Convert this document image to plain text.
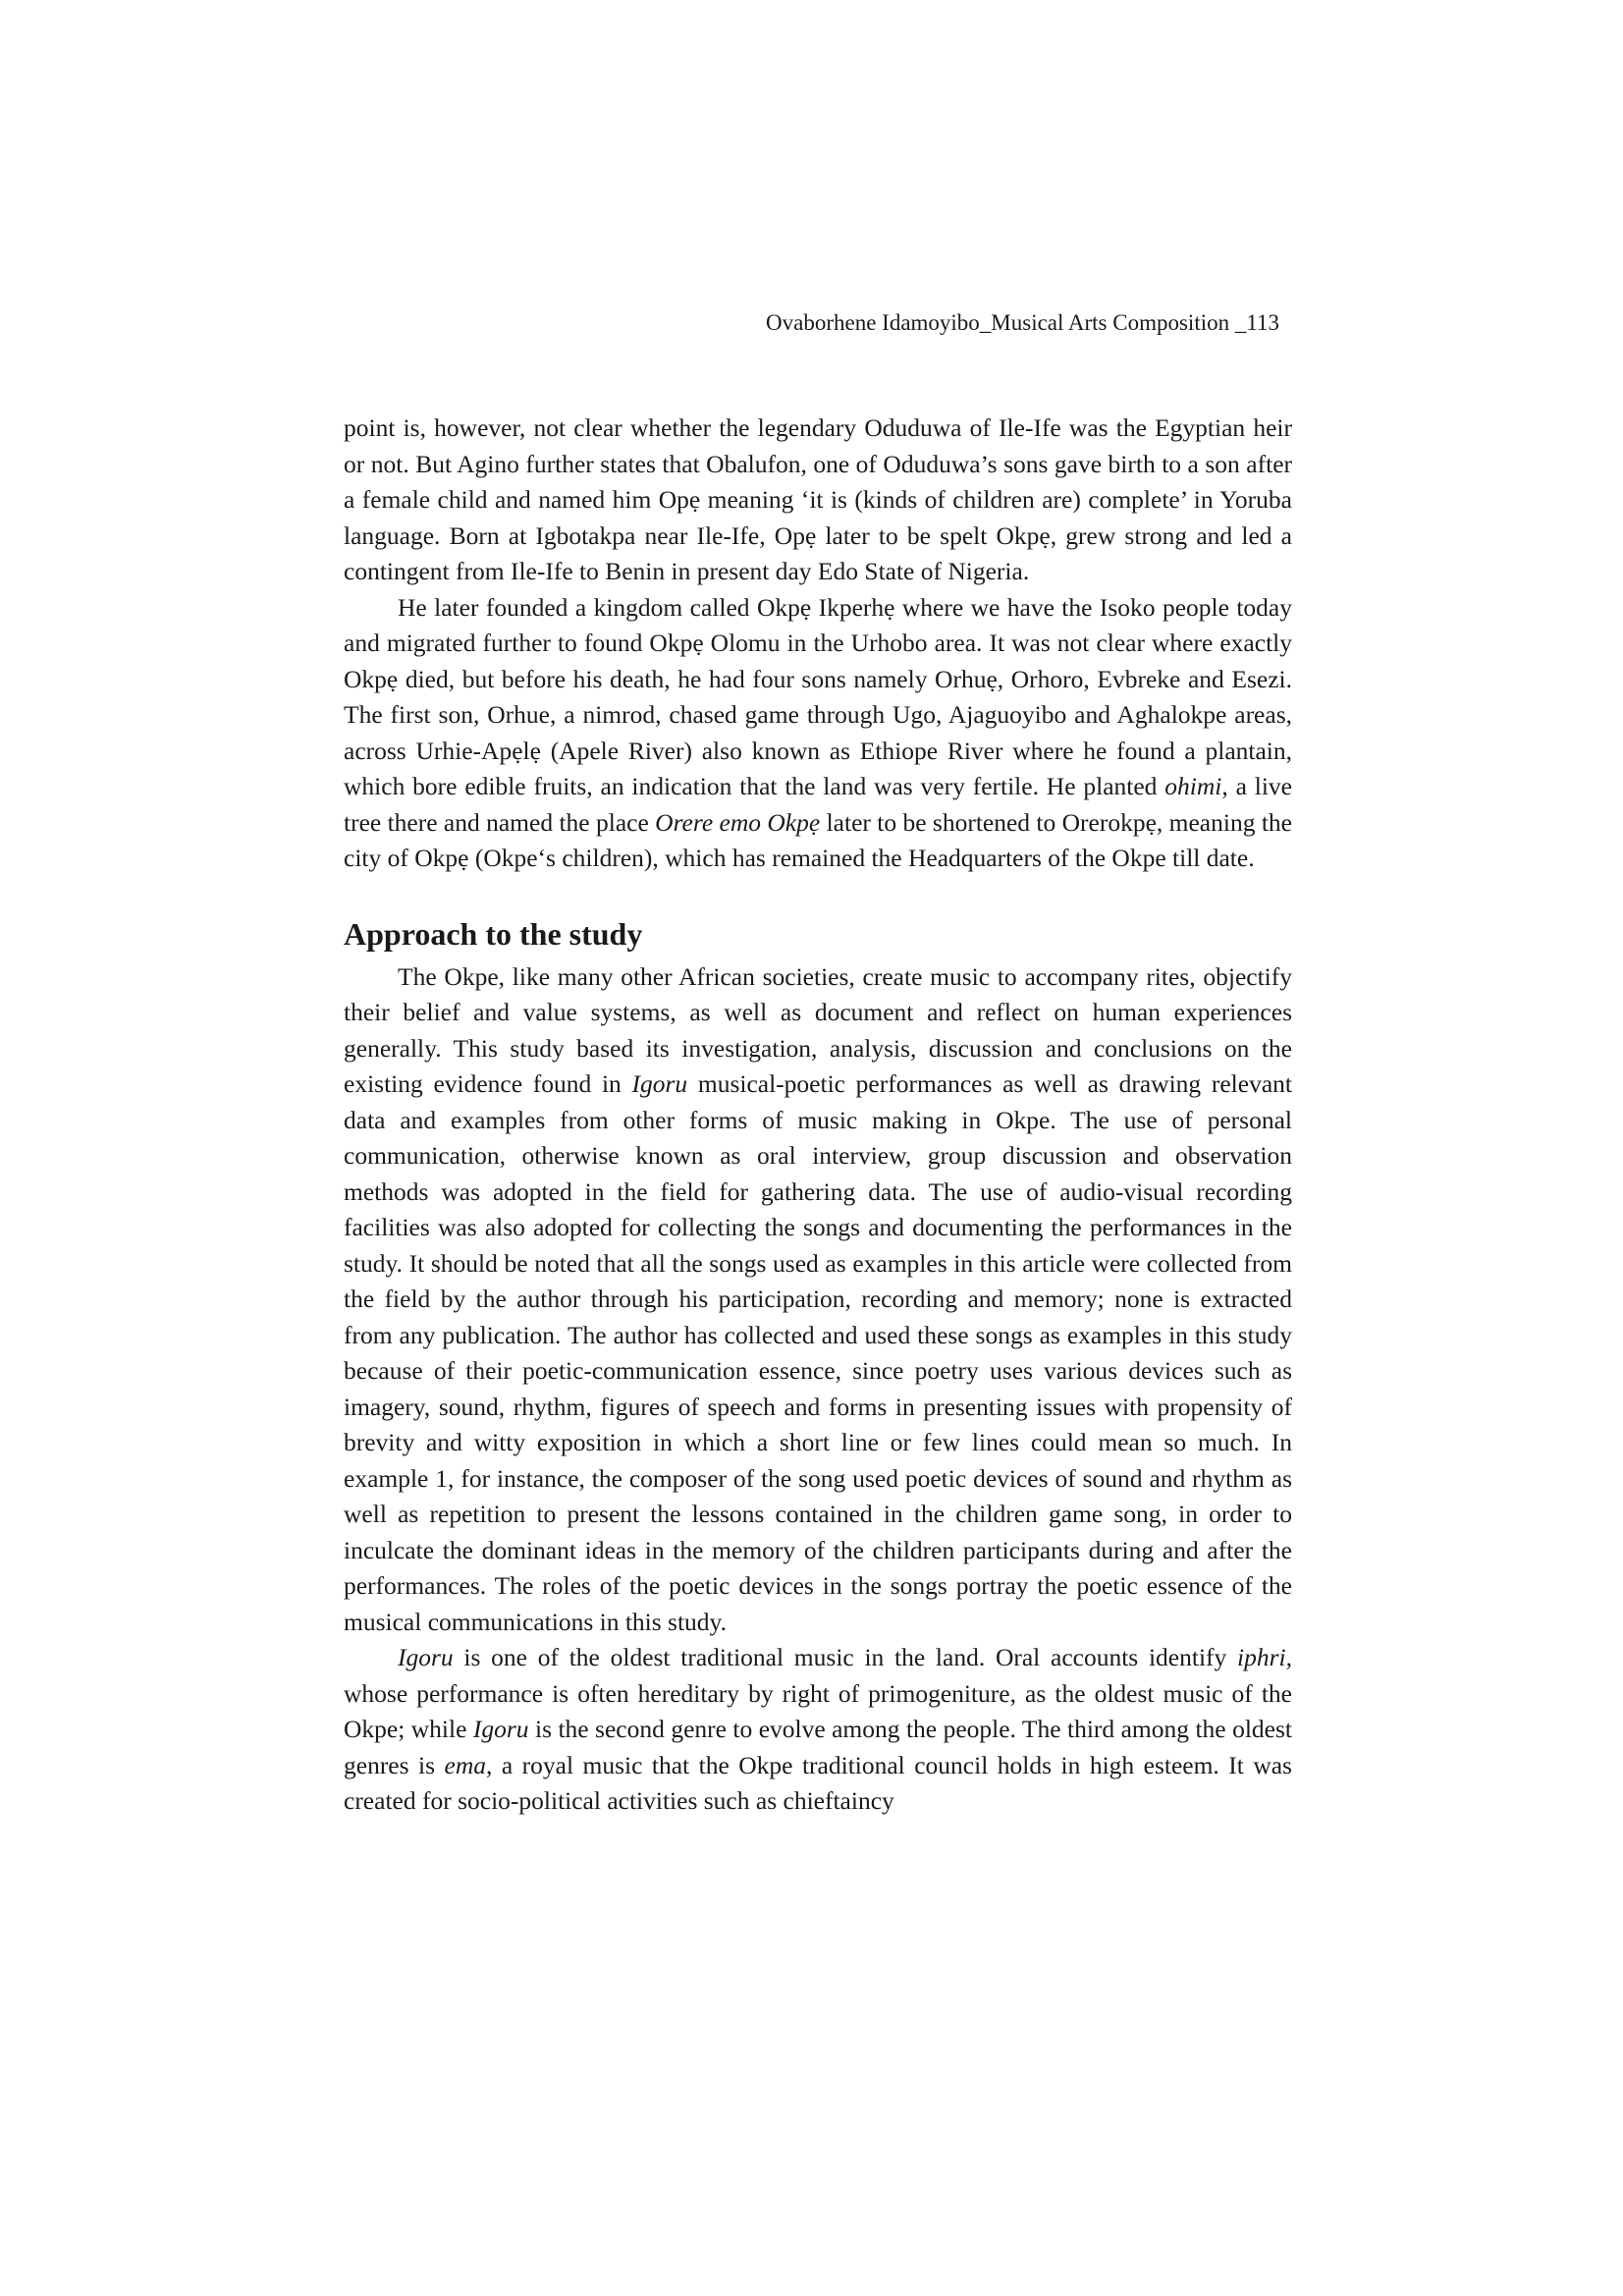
Ovaborhene Idamoyibo_Musical Arts Composition _113

point is, however, not clear whether the legendary Oduduwa of Ile-Ife was the Egyptian heir or not. But Agino further states that Obalufon, one of Oduduwa’s sons gave birth to a son after a female child and named him Opẹ meaning ‘it is (kinds of children are) complete’ in Yoruba language. Born at Igbotakpa near Ile-Ife, Opẹ later to be spelt Okpẹ, grew strong and led a contingent from Ile-Ife to Benin in present day Edo State of Nigeria.

He later founded a kingdom called Okpẹ Ikperhẹ where we have the Isoko people today and migrated further to found Okpẹ Olomu in the Urhobo area. It was not clear where exactly Okpẹ died, but before his death, he had four sons namely Orhuẹ, Orhoro, Evbreke and Esezi. The first son, Orhue, a nimrod, chased game through Ugo, Ajaguoyibo and Aghalokpe areas, across Urhie-Apẹlẹ (Apele River) also known as Ethiope River where he found a plantain, which bore edible fruits, an indication that the land was very fertile. He planted ohimi, a live tree there and named the place Orere emo Okpẹ later to be shortened to Orerokpẹ, meaning the city of Okpẹ (Okpe‘s children), which has remained the Headquarters of the Okpe till date.

Approach to the study

The Okpe, like many other African societies, create music to accompany rites, objectify their belief and value systems, as well as document and reflect on human experiences generally. This study based its investigation, analysis, discussion and conclusions on the existing evidence found in Igoru musical-poetic performances as well as drawing relevant data and examples from other forms of music making in Okpe. The use of personal communication, otherwise known as oral interview, group discussion and observation methods was adopted in the field for gathering data. The use of audio-visual recording facilities was also adopted for collecting the songs and documenting the performances in the study. It should be noted that all the songs used as examples in this article were collected from the field by the author through his participation, recording and memory; none is extracted from any publication. The author has collected and used these songs as examples in this study because of their poetic-communication essence, since poetry uses various devices such as imagery, sound, rhythm, figures of speech and forms in presenting issues with propensity of brevity and witty exposition in which a short line or few lines could mean so much. In example 1, for instance, the composer of the song used poetic devices of sound and rhythm as well as repetition to present the lessons contained in the children game song, in order to inculcate the dominant ideas in the memory of the children participants during and after the performances. The roles of the poetic devices in the songs portray the poetic essence of the musical communications in this study.

Igoru is one of the oldest traditional music in the land. Oral accounts identify iphri, whose performance is often hereditary by right of primogeniture, as the oldest music of the Okpe; while Igoru is the second genre to evolve among the people. The third among the oldest genres is ema, a royal music that the Okpe traditional council holds in high esteem. It was created for socio-political activities such as chieftaincy
